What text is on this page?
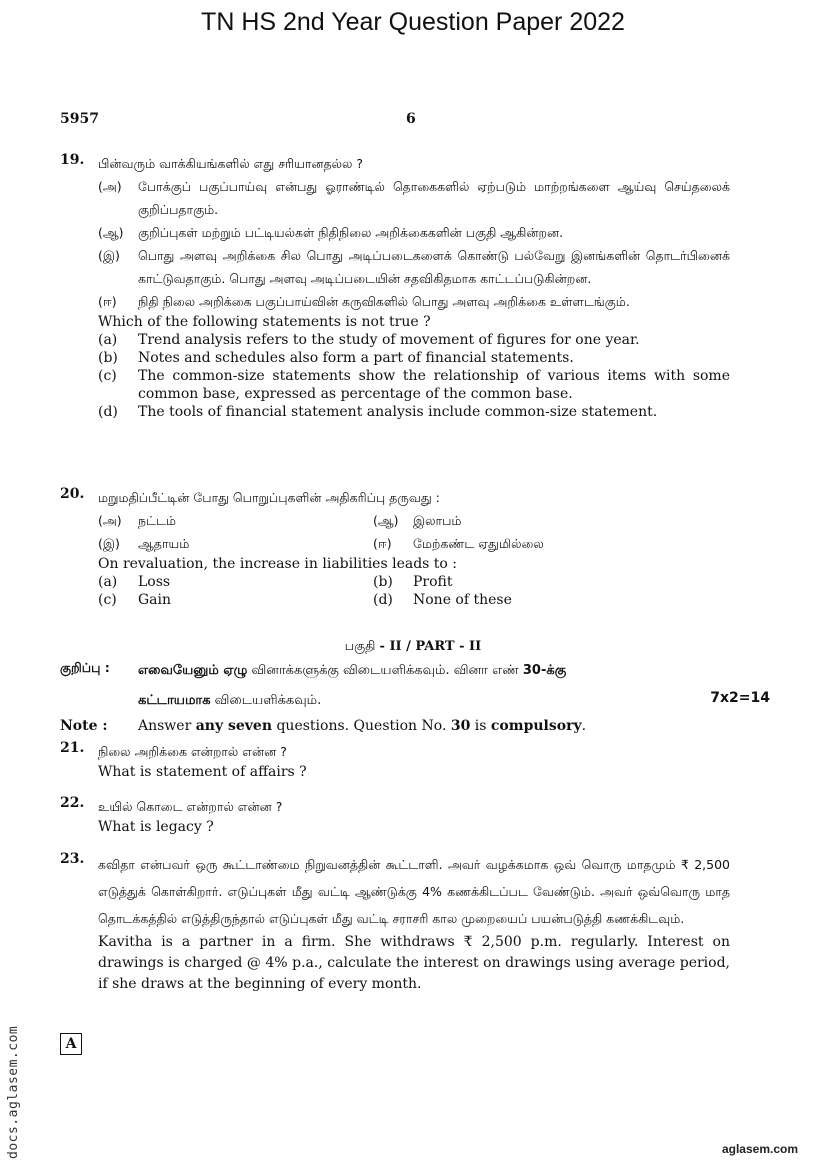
TN HS 2nd Year Question Paper 2022
5957	6
19. பின்வரும் வாக்கியங்களில் எது சரியானதல்ல ?
(அ)	போக்குப் பகுப்பாய்வு என்பது ஓராண்டில் தொகைகளில் ஏற்படும் மாற்றங்களை ஆய்வு செய்தலைக் குறிப்பதாகும்.
(ஆ)	குறிப்புகள் மற்றும் பட்டியல்கள் நிதிநிலை அறிக்கைகளின் பகுதி ஆகின்றன.
(இ)	பொது அளவு அறிக்கை சில பொது அடிப்படைகளைக் கொண்டு பல்வேறு இனங்களின் தொடர்பினைக் காட்டுவதாகும். பொது அளவு அடிப்படையின் சதவிகிதமாக காட்டப்படுகின்றன.
(ஈ)	நிதி நிலை அறிக்கை பகுப்பாய்வின் கருவிகளில் பொது அளவு அறிக்கை உள்ளடங்கும்.
Which of the following statements is not true ?
(a)	Trend analysis refers to the study of movement of figures for one year.
(b)	Notes and schedules also form a part of financial statements.
(c)	The common-size statements show the relationship of various items with some common base, expressed as percentage of the common base.
(d)	The tools of financial statement analysis include common-size statement.
20. மறுமதிப்பீட்டின் போது பொறுப்புகளின் அதிகரிப்பு தருவது :
(அ)	நட்டம்	(ஆ)	இலாபம்
(இ)	ஆதாயம்	(ஈ)	மேற்கண்ட ஏதுமில்லை
On revaluation, the increase in liabilities leads to :
(a)	Loss	(b)	Profit
(c)	Gain	(d)	None of these
பகுதி - II / PART - II
குறிப்பு : எவையேனும் ஏழு வினாக்களுக்கு விடையளிக்கவும். வினா எண் 30-க்கு
கட்டாயமாக விடையளிக்கவும்.	7x2=14
Note : Answer any seven questions. Question No. 30 is compulsory.
21. நிலை அறிக்கை என்றால் என்ன ?
What is statement of affairs ?
22. உயில் கொடை என்றால் என்ன ?
What is legacy ?
23. கவிதா என்பவர் ஒரு கூட்டாண்மை நிறுவனத்தின் கூட்டாளி. அவர் வழக்கமாக ஒவ் வொரு மாதமும் ₹ 2,500 எடுத்துக் கொள்கிறார். எடுப்புகள் மீது வட்டி ஆண்டுக்கு 4% கணக்கிடப்பட வேண்டும். அவர் ஒவ்வொரு மாத தொடக்கத்தில் எடுத்திருந்தால் எடுப்புகள் மீது வட்டி சராசரி கால முறையைப் பயன்படுத்தி கணக்கிடவும்.
Kavitha is a partner in a firm. She withdraws ₹ 2,500 p.m. regularly. Interest on drawings is charged @ 4% p.a., calculate the interest on drawings using average period, if she draws at the beginning of every month.
A
docs.aglasem.com	aglasem.com
